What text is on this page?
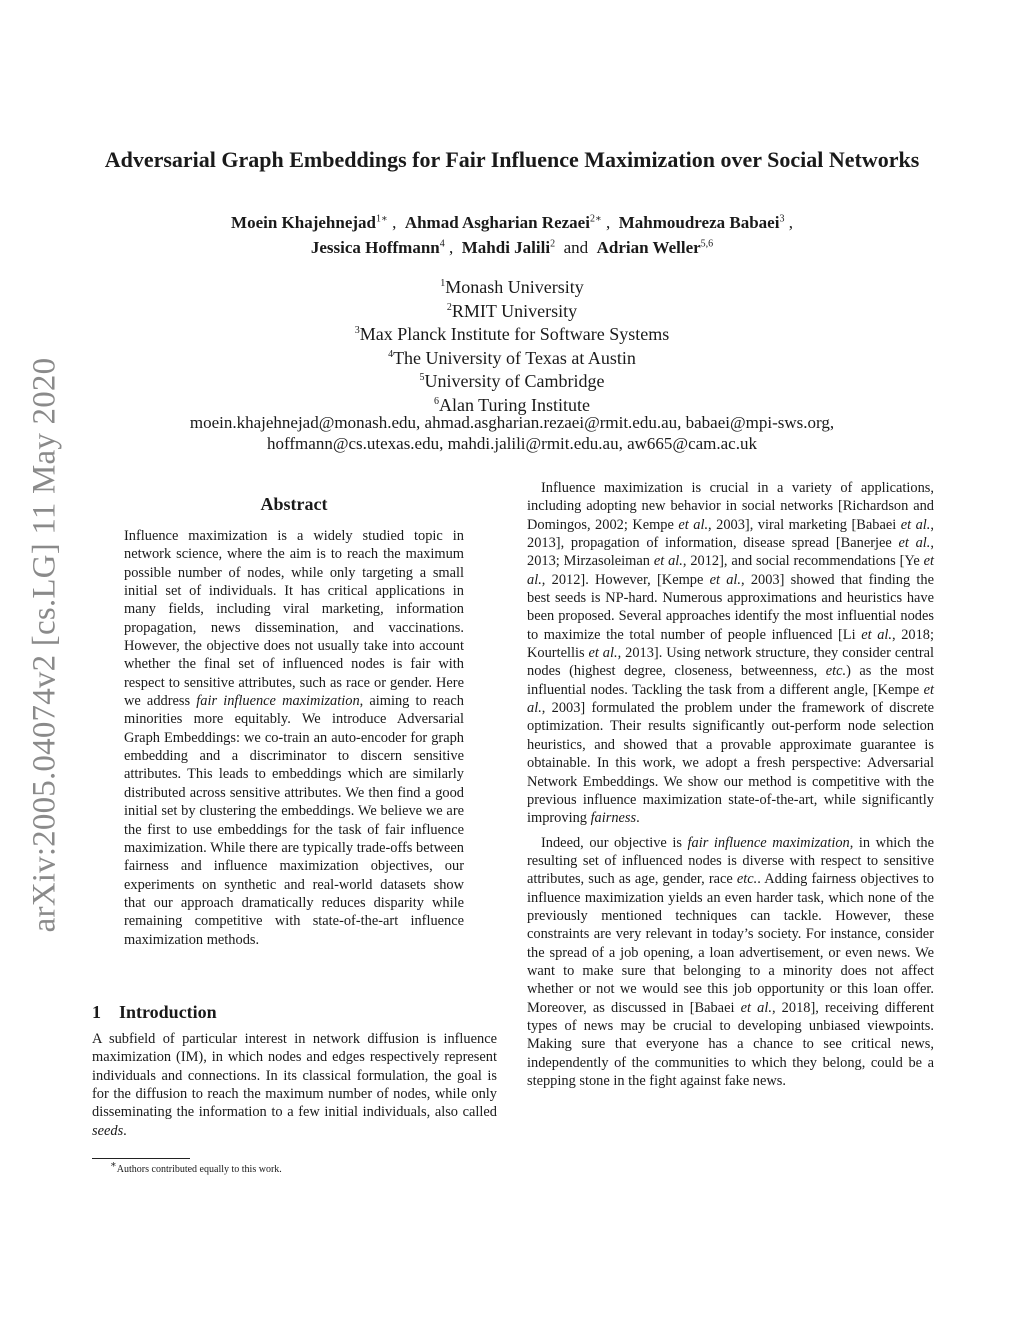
arXiv:2005.04074v2 [cs.LG] 11 May 2020
Adversarial Graph Embeddings for Fair Influence Maximization over Social Networks
Moein Khajehnejad$^{1∗}$ ,  Ahmad Asgharian Rezaei$^{2∗}$ ,  Mahmoudreza Babaei$^3$ ,
Jessica Hoffmann$^4$ ,  Mahdi Jalili$^2$ and Adrian Weller$^{5,6}$
$^1$Monash University
$^2$RMIT University
$^3$Max Planck Institute for Software Systems
$^4$The University of Texas at Austin
$^5$University of Cambridge
$^6$Alan Turing Institute
moein.khajehnejad@monash.edu, ahmad.asgharian.rezaei@rmit.edu.au, babaei@mpi-sws.org,
hoffmann@cs.utexas.edu, mahdi.jalili@rmit.edu.au, aw665@cam.ac.uk
Abstract

Influence maximization is a widely studied topic in network science, where the aim is to reach the maximum possible number of nodes, while only targeting a small initial set of individuals. It has critical applications in many fields, including viral marketing, information propagation, news dissemination, and vaccinations. However, the objective does not usually take into account whether the final set of influenced nodes is fair with respect to sensitive attributes, such as race or gender. Here we address fair influence maximization, aiming to reach minorities more equitably. We introduce Adversarial Graph Embeddings: we co-train an auto-encoder for graph embedding and a discriminator to discern sensitive attributes. This leads to embeddings which are similarly distributed across sensitive attributes. We then find a good initial set by clustering the embeddings. We believe we are the first to use embeddings for the task of fair influence maximization. While there are typically trade-offs between fairness and influence maximization objectives, our experiments on synthetic and real-world datasets show that our approach dramatically reduces disparity while remaining competitive with state-of-the-art influence maximization methods.

1 Introduction

A subfield of particular interest in network diffusion is influence maximization (IM), in which nodes and edges respectively represent individuals and connections. In its classical formulation, the goal is for the diffusion to reach the maximum number of nodes, while only disseminating the information to a few initial individuals, also called seeds.

∗Authors contributed equally to this work.

Influence maximization is crucial in a variety of applications, including adopting new behavior in social networks [Richardson and Domingos, 2002; Kempe et al., 2003], viral marketing [Babaei et al., 2013], propagation of information, disease spread [Banerjee et al., 2013; Mirzasoleiman et al., 2012], and social recommendations [Ye et al., 2012]. However, [Kempe et al., 2003] showed that finding the best seeds is NP-hard. Numerous approximations and heuristics have been proposed. Several approaches identify the most influential nodes to maximize the total number of people influenced [Li et al., 2018; Kourtellis et al., 2013]. Using network structure, they consider central nodes (highest degree, closeness, betweenness, etc.) as the most influential nodes. Tackling the task from a different angle, [Kempe et al., 2003] formulated the problem under the framework of discrete optimization. Their results significantly out-perform node selection heuristics, and showed that a provable approximate guarantee is obtainable. In this work, we adopt a fresh perspective: Adversarial Network Embeddings. We show our method is competitive with the previous influence maximization state-of-the-art, while significantly improving fairness.

Indeed, our objective is fair influence maximization, in which the resulting set of influenced nodes is diverse with respect to sensitive attributes, such as age, gender, race etc.. Adding fairness objectives to influence maximization yields an even harder task, which none of the previously mentioned techniques can tackle. However, these constraints are very relevant in today’s society. For instance, consider the spread of a job opening, a loan advertisement, or even news. We want to make sure that belonging to a minority does not affect whether or not we would see this job opportunity or this loan offer. Moreover, as discussed in [Babaei et al., 2018], receiving different types of news may be crucial to developing unbiased viewpoints. Making sure that everyone has a chance to see critical news, independently of the communities to which they belong, could be a stepping stone in the fight against fake news.
